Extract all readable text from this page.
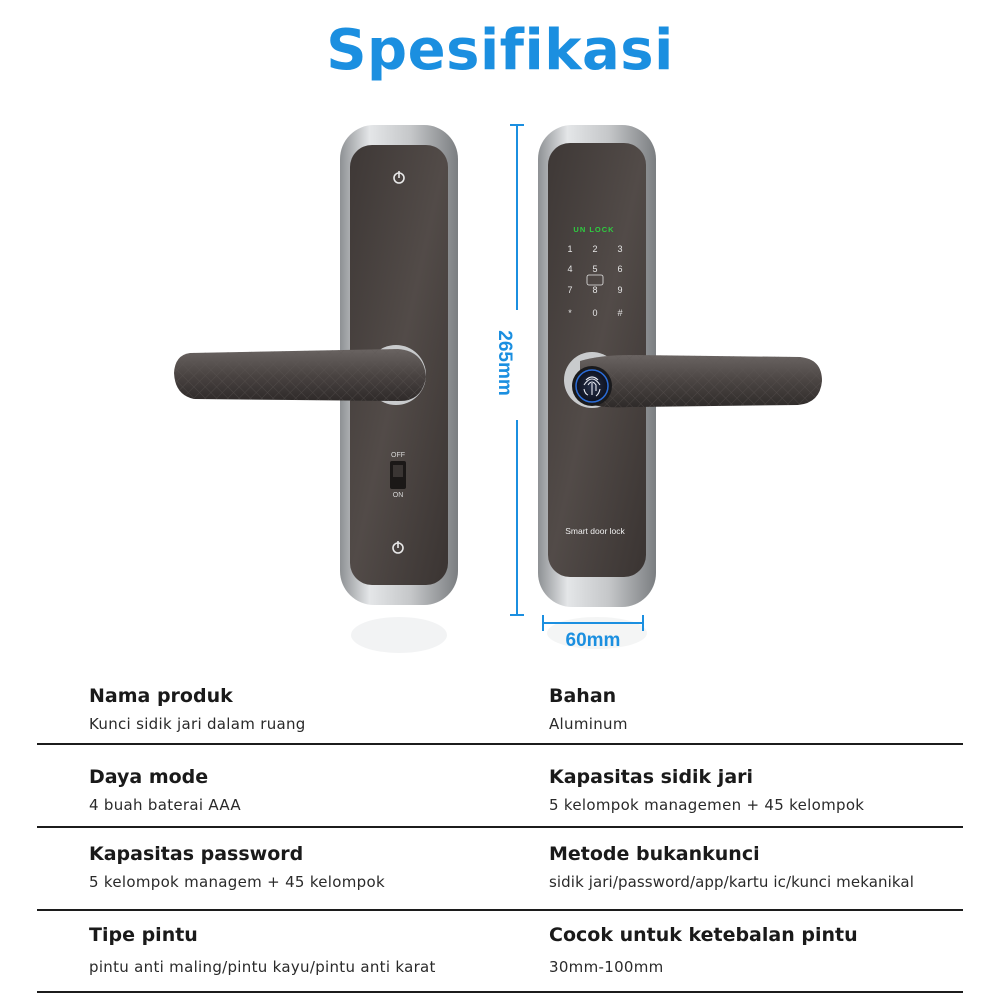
Spesifikasi
OFF
ON
UN LOCK
1 2 3
4 5 6
7 8 9
* 0 #
Smart door lock
265mm
60mm
Nama produk
Kunci sidik jari dalam ruang
Bahan
Aluminum
Daya mode
4 buah baterai AAA
Kapasitas sidik jari
5 kelompok managemen + 45 kelompok
Kapasitas password
5 kelompok managem + 45 kelompok
Metode bukankunci
sidik jari/password/app/kartu ic/kunci mekanikal
Tipe pintu
pintu anti maling/pintu kayu/pintu anti karat
Cocok untuk ketebalan pintu
30mm-100mm
